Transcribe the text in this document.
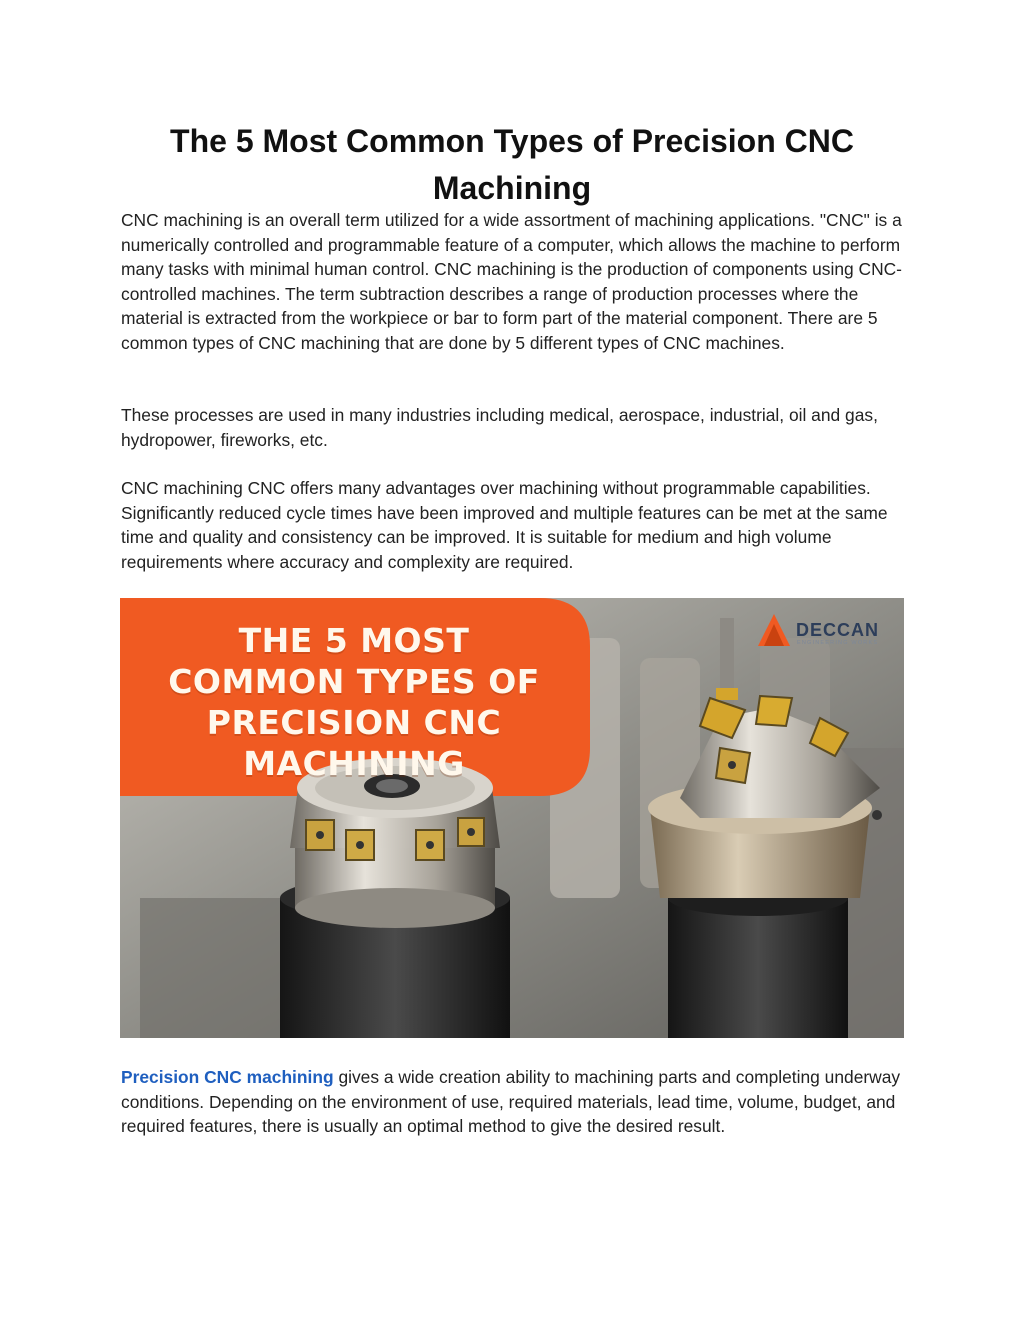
The 5 Most Common Types of Precision CNC Machining

CNC machining is an overall term utilized for a wide assortment of machining applications. "CNC" is a numerically controlled and programmable feature of a computer, which allows the machine to perform many tasks with minimal human control. CNC machining is the production of components using CNC-controlled machines. The term subtraction describes a range of production processes where the material is extracted from the workpiece or bar to form part of the material component. There are 5 common types of CNC machining that are done by 5 different types of CNC machines.

These processes are used in many industries including medical, aerospace, industrial, oil and gas, hydropower, fireworks, etc.

CNC machining CNC offers many advantages over machining without programmable capabilities. Significantly reduced cycle times have been improved and multiple features can be met at the same time and quality and consistency can be improved. It is suitable for medium and high volume requirements where accuracy and complexity are required.

THE 5 MOST
COMMON TYPES OF
PRECISION CNC
MACHINING
DECCAN
ENGINEERING WORKS

Precision CNC machining gives a wide creation ability to machining parts and completing underway conditions. Depending on the environment of use, required materials, lead time, volume, budget, and required features, there is usually an optimal method to give the desired result.
